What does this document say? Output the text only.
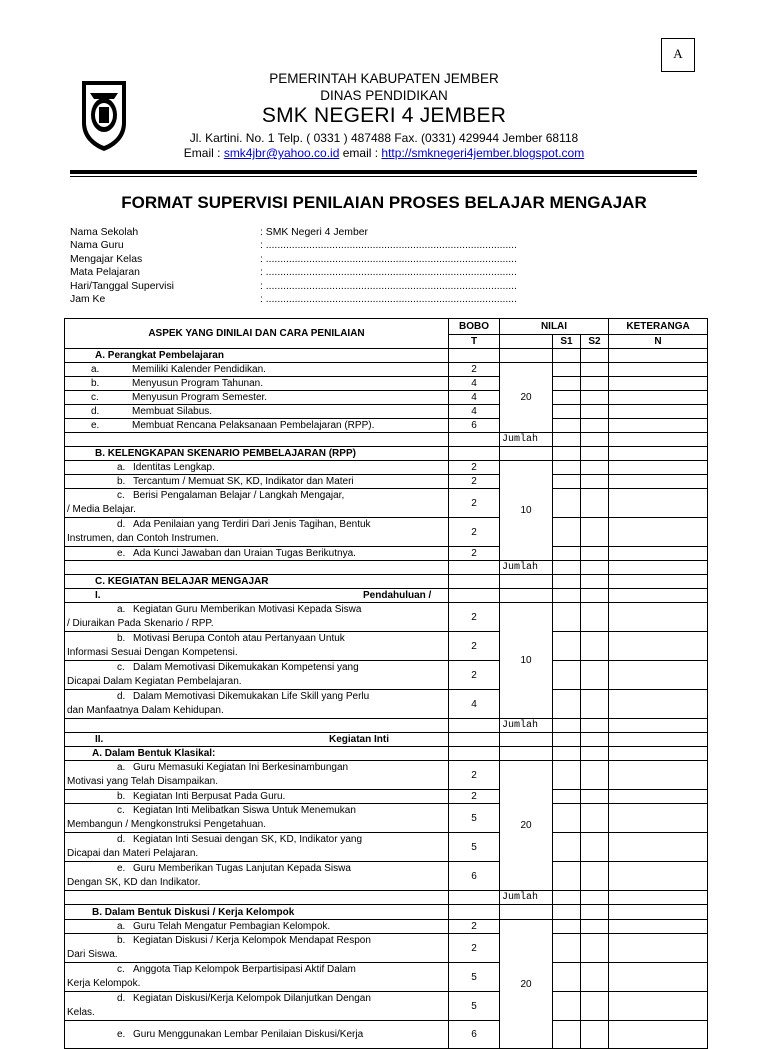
A
PEMERINTAH KABUPATEN JEMBER
DINAS PENDIDIKAN
SMK NEGERI 4 JEMBER
Jl. Kartini. No. 1 Telp. ( 0331 ) 487488 Fax. (0331) 429944 Jember 68118
Email : smk4jbr@yahoo.co.id email : http://smknegeri4jember.blogspot.com
FORMAT SUPERVISI PENILAIAN PROSES BELAJAR MENGAJAR
Nama Sekolah	: SMK Negeri 4 Jember
Nama Guru	: .......................................................................................
Mengajar Kelas	: .......................................................................................
Mata Pelajaran	: .......................................................................................
Hari/Tanggal Supervisi	: .......................................................................................
Jam Ke	: .......................................................................................
ASPEK YANG DINILAI DAN CARA PENILAIAN	BOBO	NILAI			KETERANGA
	T		S1	S2	N
A. Perangkat Pembelajaran					
a. Memiliki Kalender Pendidikan.	2	20			
b. Menyusun Program Tahunan.	4				
c. Menyusun Program Semester.	4				
d. Membuat Silabus.	4				
e. Membuat Rencana Pelaksanaan Pembelajaran (RPP).	6				
		Jumlah			
B. KELENGKAPAN SKENARIO PEMBELAJARAN (RPP)					
a. Identitas Lengkap.	2	10			
b. Tercantum / Memuat SK, KD, Indikator dan Materi	2				
c. Berisi Pengalaman Belajar / Langkah Mengajar,
/ Media Belajar.	2				
d. Ada Penilaian yang Terdiri Dari Jenis Tagihan, Bentuk
Instrumen, dan Contoh Instrumen.	2				
e. Ada Kunci Jawaban dan Uraian Tugas Berikutnya.	2				
		Jumlah			
C. KEGIATAN BELAJAR MENGAJAR					
I. Pendahuluan /					
a. Kegiatan Guru Memberikan Motivasi Kepada Siswa
/ Diuraikan Pada Skenario / RPP.	2	10			
b. Motivasi Berupa Contoh atau Pertanyaan Untuk
Informasi Sesuai Dengan Kompetensi.	2				
c. Dalam Memotivasi Dikemukakan Kompetensi yang
Dicapai Dalam Kegiatan Pembelajaran.	2				
d. Dalam Memotivasi Dikemukakan Life Skill yang Perlu
dan Manfaatnya Dalam Kehidupan.	4				
		Jumlah			
II. Kegiatan Inti					
A. Dalam Bentuk Klasikal:					
a. Guru Memasuki Kegiatan Ini Berkesinambungan
Motivasi yang Telah Disampaikan.	2	20			
b. Kegiatan Inti Berpusat Pada Guru.	2				
c. Kegiatan Inti Melibatkan Siswa Untuk Menemukan
Membangun / Mengkonstruksi Pengetahuan.	5				
d. Kegiatan Inti Sesuai dengan SK, KD, Indikator yang
Dicapai dan Materi Pelajaran.	5				
e. Guru Memberikan Tugas Lanjutan Kepada Siswa
Dengan SK, KD dan Indikator.	6				
		Jumlah			
B. Dalam Bentuk Diskusi / Kerja Kelompok					
a. Guru Telah Mengatur Pembagian Kelompok.	2	20			
b. Kegiatan Diskusi / Kerja Kelompok Mendapat Respon
Dari Siswa.	2				
c. Anggota Tiap Kelompok Berpartisipasi Aktif Dalam
Kerja Kelompok.	5				
d. Kegiatan Diskusi/Kerja Kelompok Dilanjutkan Dengan
Kelas.	5				
e. Guru Menggunakan Lembar Penilaian Diskusi/Kerja	6				
